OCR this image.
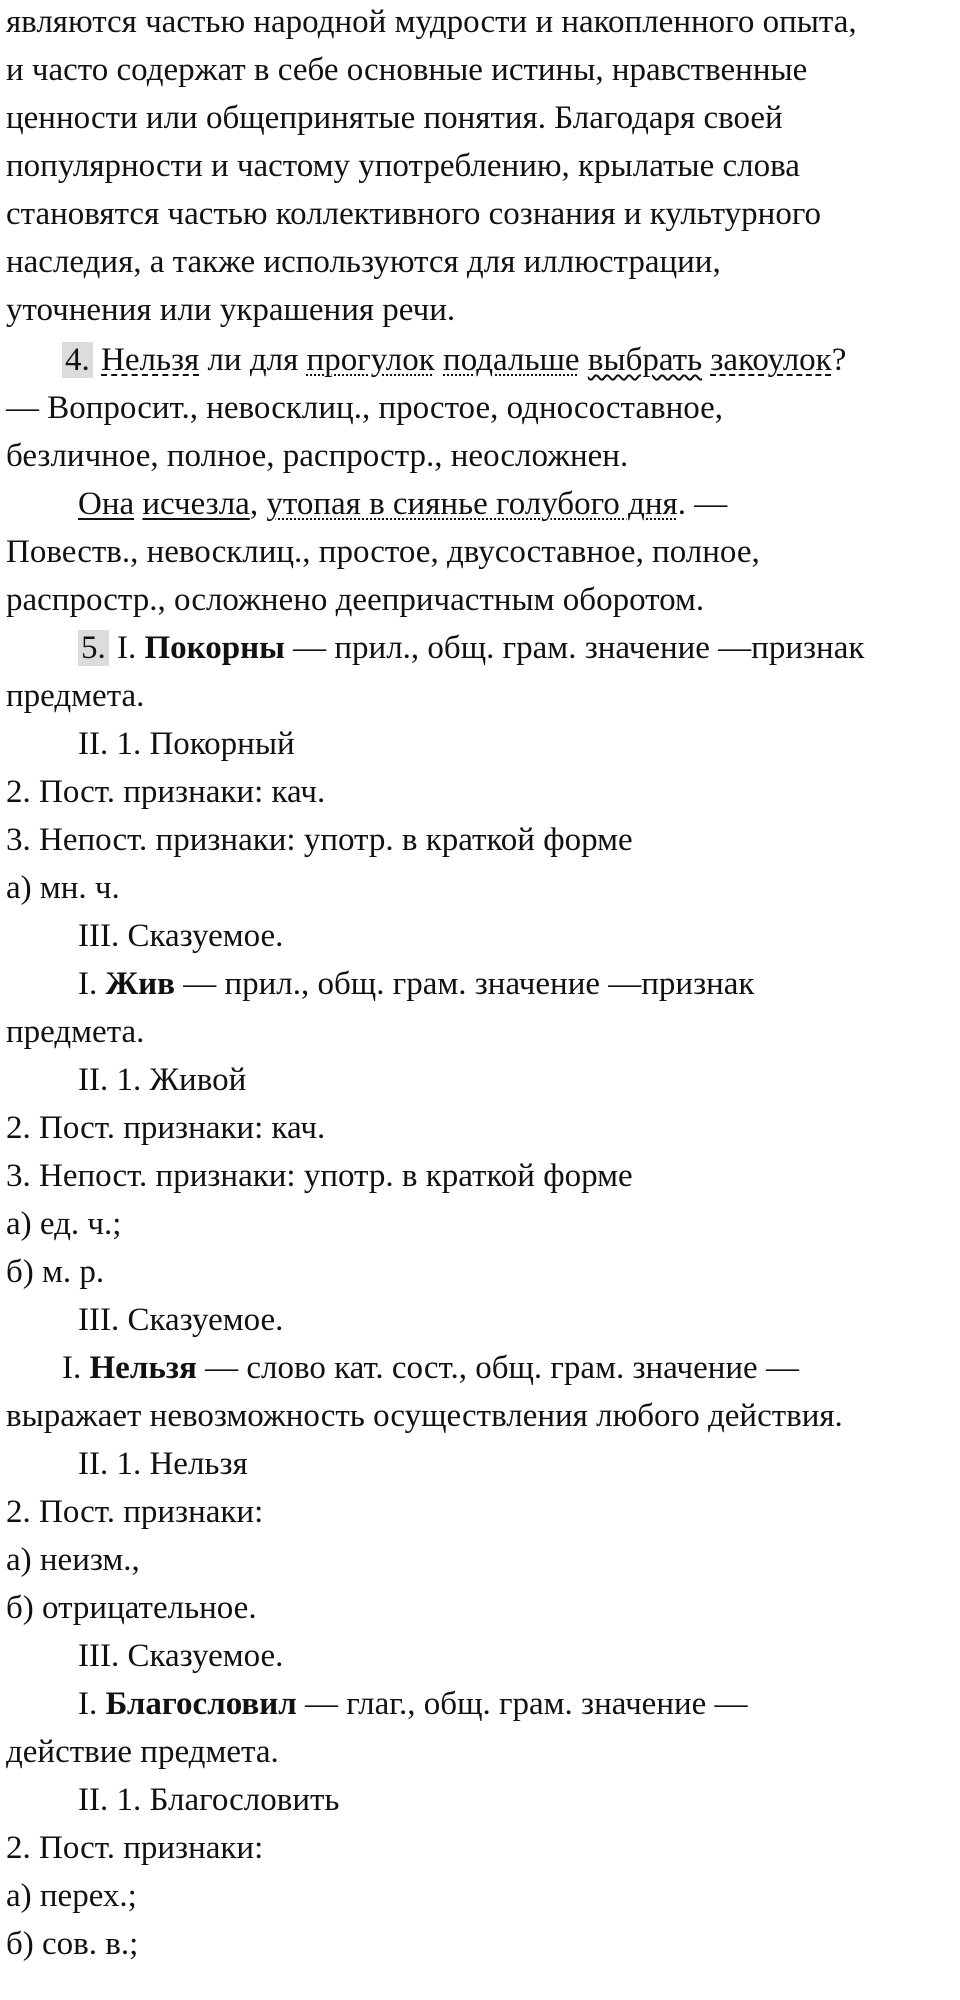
являются частью народной мудрости и накопленного опыта,
и часто содержат в себе основные истины, нравственные
ценности или общепринятые понятия. Благодаря своей
популярности и частому употреблению, крылатые слова
становятся частью коллективного сознания и культурного
наследия, а также используются для иллюстрации,
уточнения или украшения речи.
4. Нельзя ли для прогулок подальше выбрать закоулок?
— Вопросит., невосклиц., простое, односоставное,
безличное, полное, распростр., неосложнен.
Она исчезла, утопая в сиянье голубого дня. —
Повеств., невосклиц., простое, двусоставное, полное,
распростр., осложнено деепричастным оборотом.
5. I. Покорны — прил., общ. грам. значение —признак
предмета.
II. 1. Покорный
2. Пост. признаки: кач.
3. Непост. признаки: употр. в краткой форме
а) мн. ч.
III. Сказуемое.
I. Жив — прил., общ. грам. значение —признак
предмета.
II. 1. Живой
2. Пост. признаки: кач.
3. Непост. признаки: употр. в краткой форме
а) ед. ч.;
б) м. р.
III. Сказуемое.
I. Нельзя — слово кат. сост., общ. грам. значение —
выражает невозможность осуществления любого действия.
II. 1. Нельзя
2. Пост. признаки:
а) неизм.,
б) отрицательное.
III. Сказуемое.
I. Благословил — глаг., общ. грам. значение —
действие предмета.
II. 1. Благословить
2. Пост. признаки:
а) перех.;
б) сов. в.;
